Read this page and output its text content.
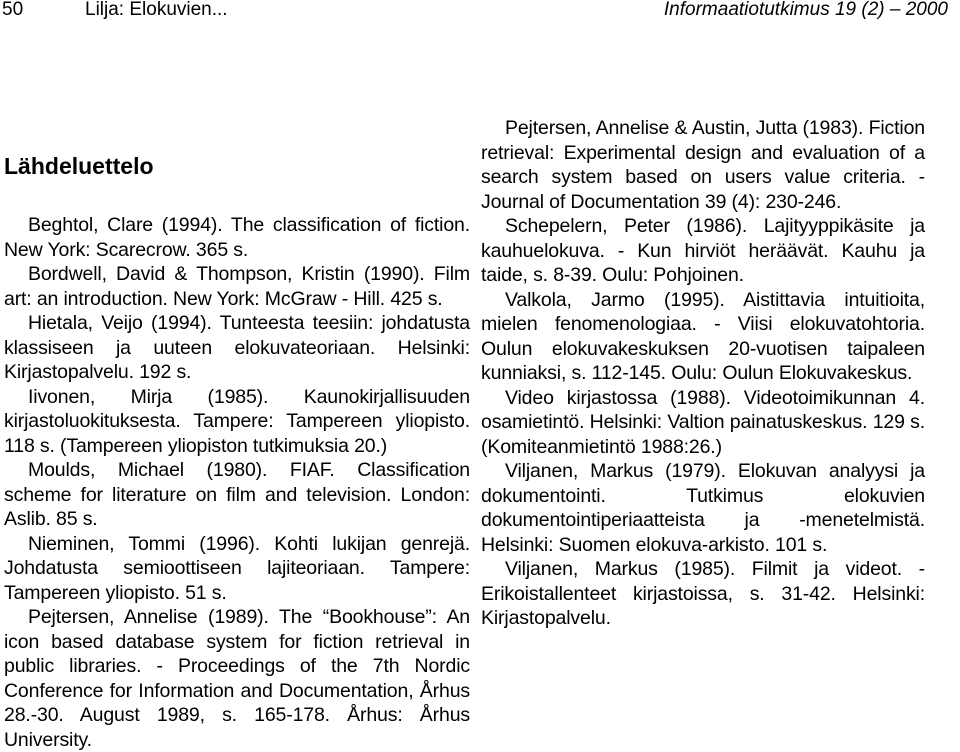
50	Lilja: Elokuvien...	Informaatiotutkimus 19 (2) – 2000
Lähdeluettelo

Beghtol, Clare (1994). The classification of fiction. New York: Scarecrow. 365 s.

Bordwell, David & Thompson, Kristin (1990). Film art: an introduction. New York: McGraw - Hill. 425 s.

Hietala, Veijo (1994). Tunteesta teesiin: johdatusta klassiseen ja uuteen elokuvateoriaan. Helsinki: Kirjastopalvelu. 192 s.

Iivonen, Mirja (1985). Kaunokirjallisuuden kirjastoluokituksesta. Tampere: Tampereen yliopisto. 118 s. (Tampereen yliopiston tutkimuksia 20.)

Moulds, Michael (1980). FIAF. Classification scheme for literature on film and television. London: Aslib. 85 s.

Nieminen, Tommi (1996). Kohti lukijan genrejä. Johdatusta semioottiseen lajiteoriaan. Tampere: Tampereen yliopisto. 51 s.

Pejtersen, Annelise (1989). The “Bookhouse”: An icon based database system for fiction retrieval in public libraries. - Proceedings of the 7th Nordic Conference for Information and Documentation, Århus 28.-30. August 1989, s. 165-178. Århus: Århus University.

Pejtersen, Annelise & Austin, Jutta (1983). Fiction retrieval: Experimental design and evaluation of a search system based on users value criteria. - Journal of Documentation 39 (4): 230-246.

Schepelern, Peter (1986). Lajityyppikäsite ja kauhuelokuva. - Kun hirviöt heräävät. Kauhu ja taide, s. 8-39. Oulu: Pohjoinen.

Valkola, Jarmo (1995). Aistittavia intuitioita, mielen fenomenologiaa. - Viisi elokuvatohtoria. Oulun elokuvakeskuksen 20-vuotisen taipaleen kunniaksi, s. 112-145. Oulu: Oulun Elokuvakeskus.

Video kirjastossa (1988). Videotoimikunnan 4. osamietintö. Helsinki: Valtion painatuskeskus. 129 s. (Komiteanmietintö 1988:26.)

Viljanen, Markus (1979). Elokuvan analyysi ja dokumentointi. Tutkimus elokuvien dokumentointiperiaatteista ja -menetelmistä. Helsinki: Suomen elokuva-arkisto. 101 s.

Viljanen, Markus (1985). Filmit ja videot. - Erikoistallenteet kirjastoissa, s. 31-42. Helsinki: Kirjastopalvelu.
